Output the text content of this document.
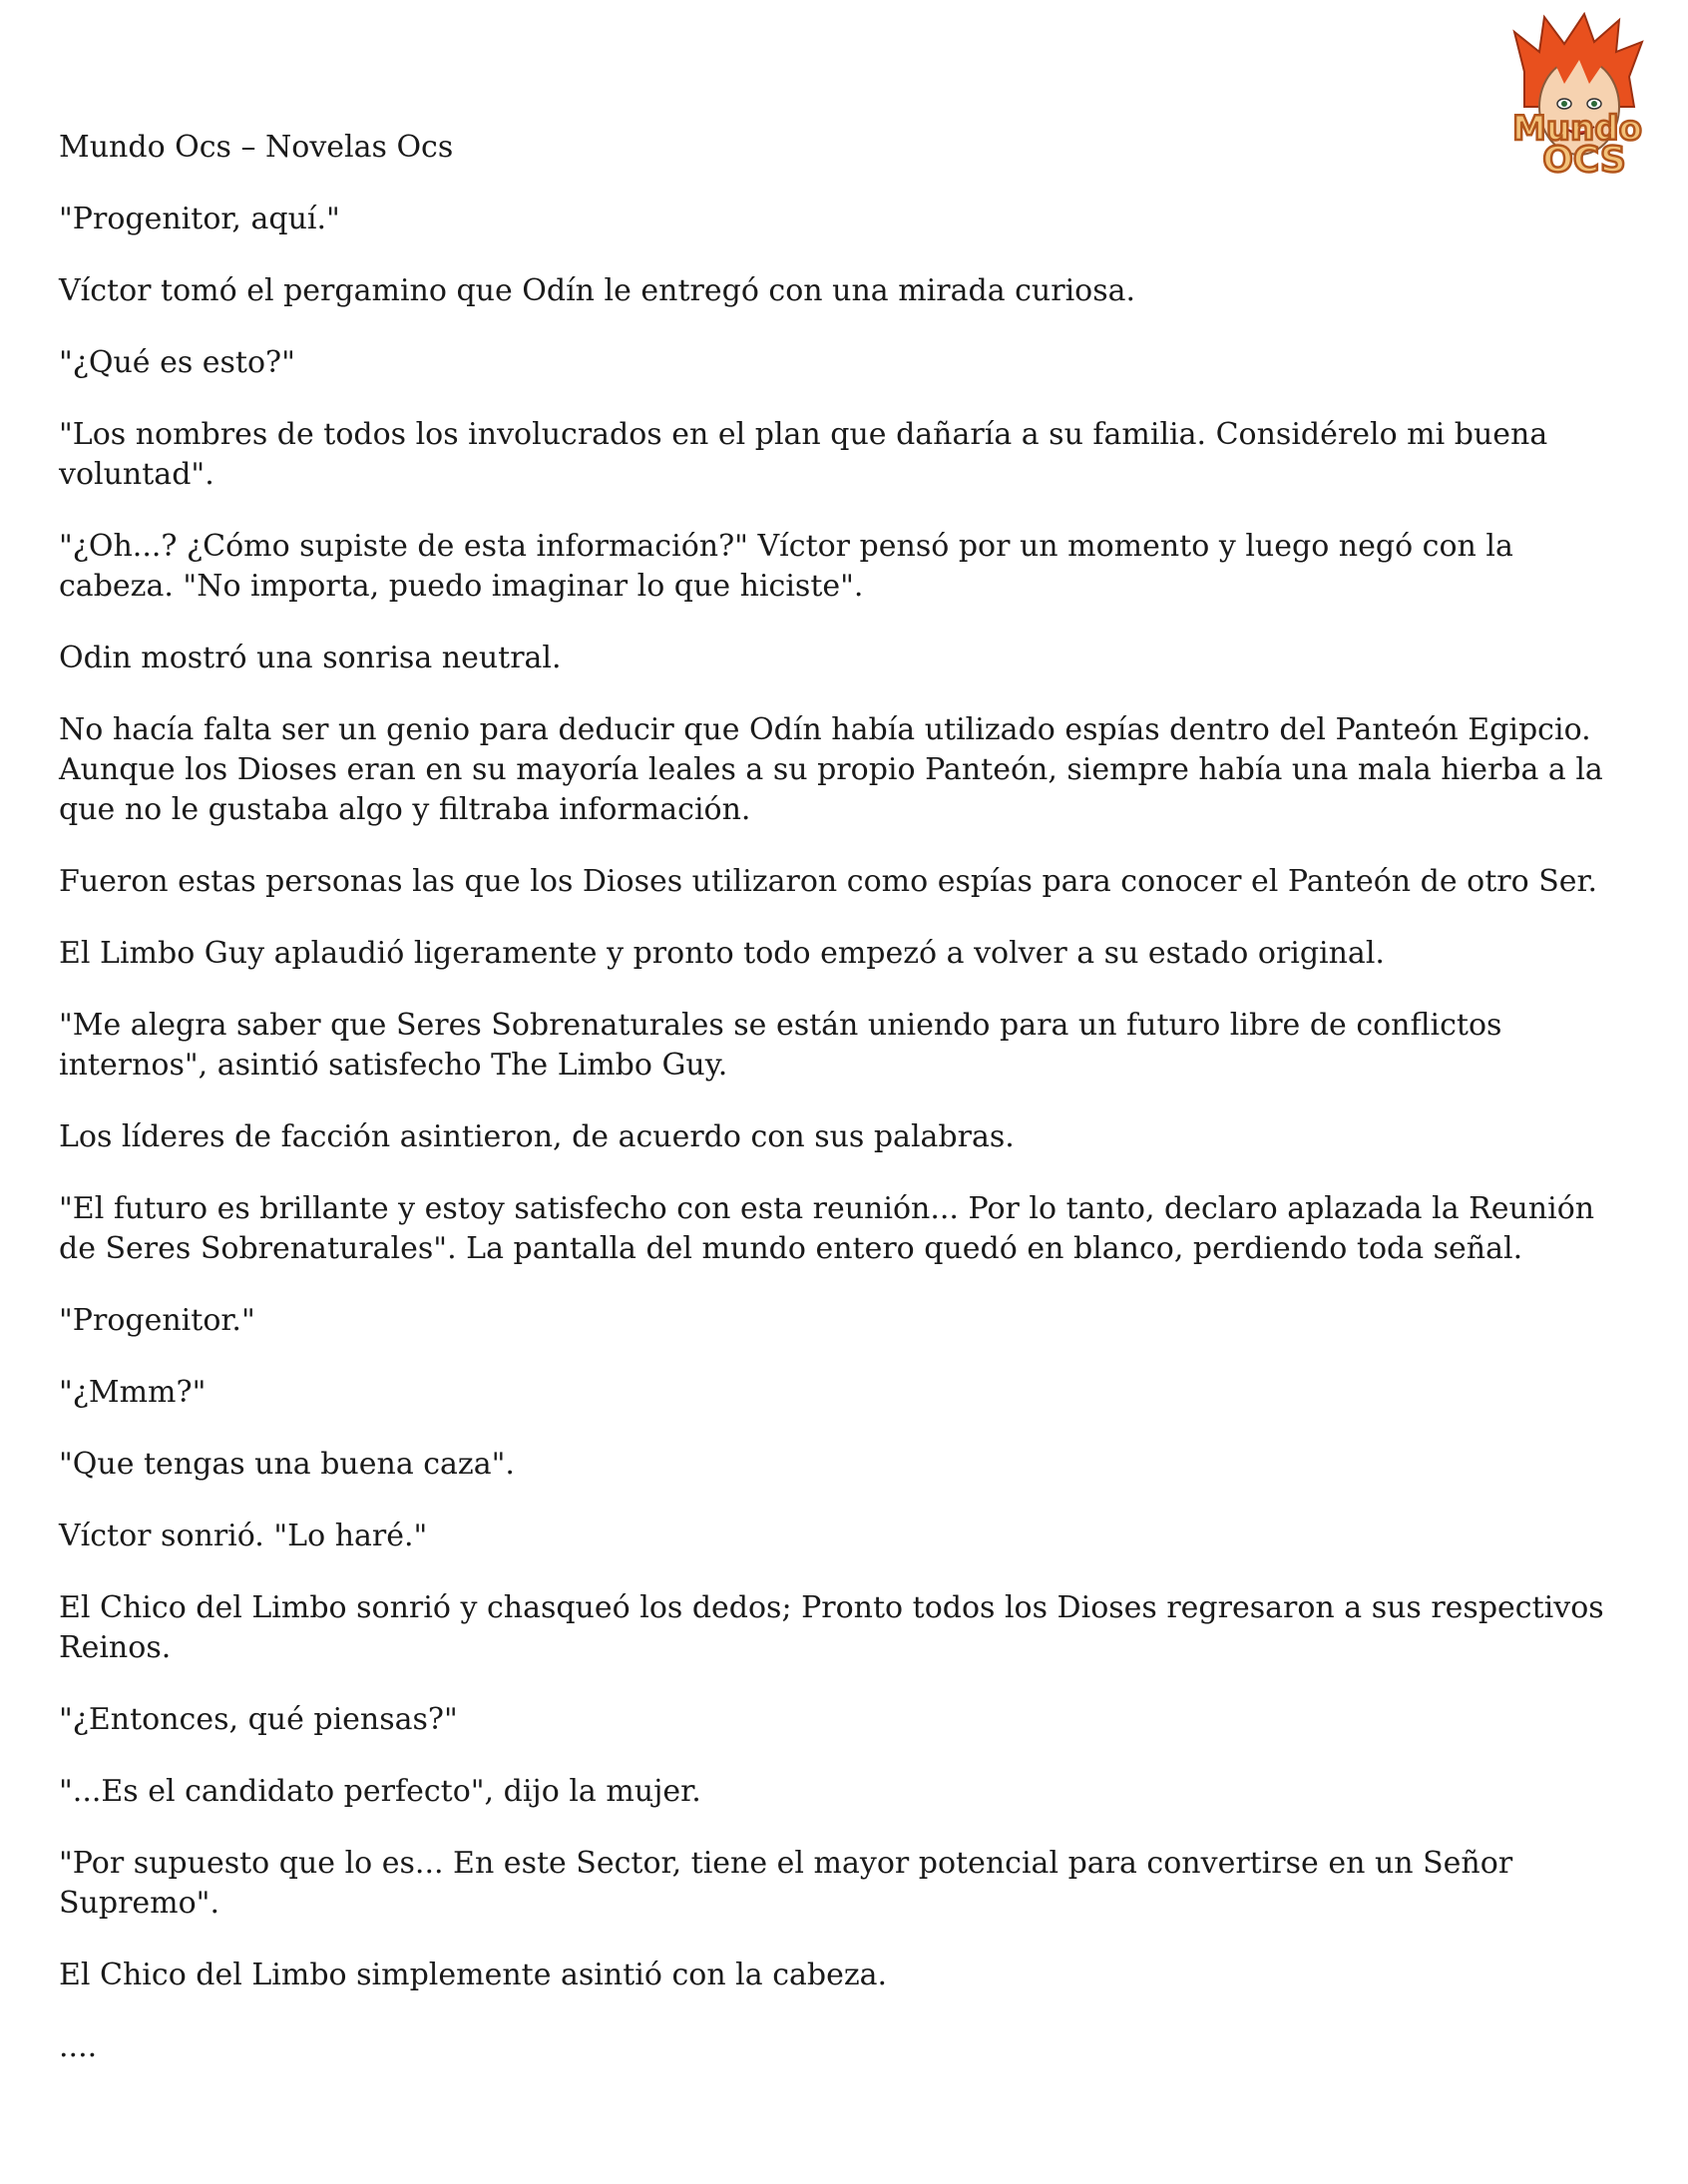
Mundo Ocs – Novelas Ocs	Mundo
OCS

"Progenitor, aquí."

Víctor tomó el pergamino que Odín le entregó con una mirada curiosa.

"¿Qué es esto?"

"Los nombres de todos los involucrados en el plan que dañaría a su familia. Considérelo mi buena voluntad".

"¿Oh...? ¿Cómo supiste de esta información?" Víctor pensó por un momento y luego negó con la cabeza. "No importa, puedo imaginar lo que hiciste".

Odin mostró una sonrisa neutral.

No hacía falta ser un genio para deducir que Odín había utilizado espías dentro del Panteón Egipcio. Aunque los Dioses eran en su mayoría leales a su propio Panteón, siempre había una mala hierba a la que no le gustaba algo y filtraba información.

Fueron estas personas las que los Dioses utilizaron como espías para conocer el Panteón de otro Ser.

El Limbo Guy aplaudió ligeramente y pronto todo empezó a volver a su estado original.

"Me alegra saber que Seres Sobrenaturales se están uniendo para un futuro libre de conflictos internos", asintió satisfecho The Limbo Guy.

Los líderes de facción asintieron, de acuerdo con sus palabras.

"El futuro es brillante y estoy satisfecho con esta reunión... Por lo tanto, declaro aplazada la Reunión de Seres Sobrenaturales". La pantalla del mundo entero quedó en blanco, perdiendo toda señal.

"Progenitor."

"¿Mmm?"

"Que tengas una buena caza".

Víctor sonrió. "Lo haré."

El Chico del Limbo sonrió y chasqueó los dedos; Pronto todos los Dioses regresaron a sus respectivos Reinos.

"¿Entonces, qué piensas?"

"...Es el candidato perfecto", dijo la mujer.

"Por supuesto que lo es... En este Sector, tiene el mayor potencial para convertirse en un Señor Supremo".

El Chico del Limbo simplemente asintió con la cabeza.

....
